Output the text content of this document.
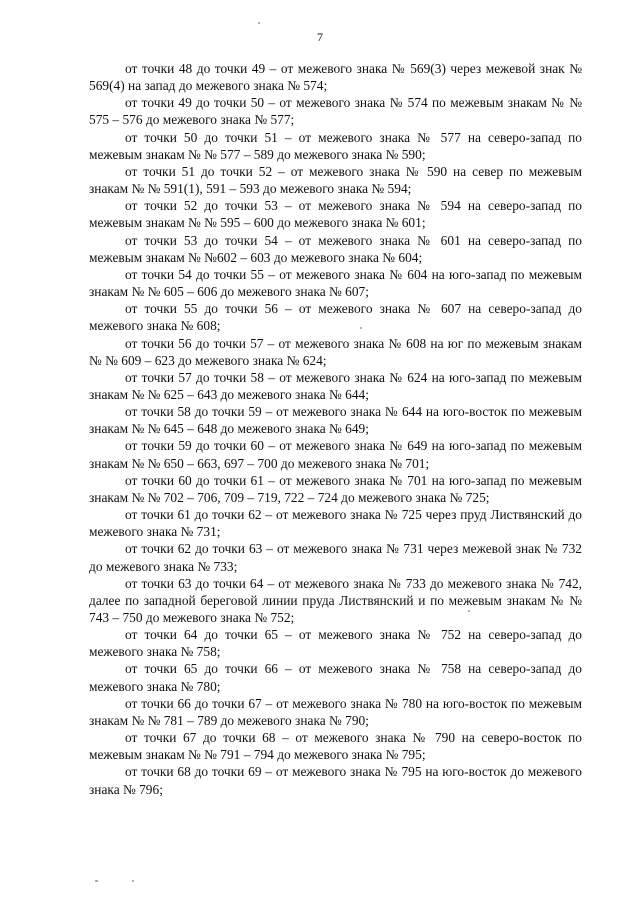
7

от точки 48 до точки 49 – от межевого знака № 569(3) через межевой знак № 569(4) на запад до межевого знака № 574;

от точки 49 до точки 50 – от межевого знака № 574 по межевым знакам № № 575 – 576 до межевого знака № 577;

от точки 50 до точки 51 – от межевого знака № 577 на северо-запад по межевым знакам № № 577 – 589 до межевого знака № 590;

от точки 51 до точки 52 – от межевого знака № 590 на север по межевым знакам № № 591(1), 591 – 593 до межевого знака № 594;

от точки 52 до точки 53 – от межевого знака № 594 на северо-запад по межевым знакам № № 595 – 600 до межевого знака № 601;

от точки 53 до точки 54 – от межевого знака № 601 на северо-запад по межевым знакам № №602 – 603 до межевого знака № 604;

от точки 54 до точки 55 – от межевого знака № 604 на юго-запад по межевым знакам № № 605 – 606 до межевого знака № 607;

от точки 55 до точки 56 – от межевого знака № 607 на северо-запад до межевого знака № 608;

от точки 56 до точки 57 – от межевого знака № 608 на юг по межевым знакам № № 609 – 623 до межевого знака № 624;

от точки 57 до точки 58 – от межевого знака № 624 на юго-запад по межевым знакам № № 625 – 643 до межевого знака № 644;

от точки 58 до точки 59 – от межевого знака № 644 на юго-восток по межевым знакам № № 645 – 648 до межевого знака № 649;

от точки 59 до точки 60 – от межевого знака № 649 на юго-запад по межевым знакам № № 650 – 663, 697 – 700 до межевого знака № 701;

от точки 60 до точки 61 – от межевого знака № 701 на юго-запад по межевым знакам № № 702 – 706, 709 – 719, 722 – 724 до межевого знака № 725;

от точки 61 до точки 62 – от межевого знака № 725 через пруд Листвянский до межевого знака № 731;

от точки 62 до точки 63 – от межевого знака № 731 через межевой знак № 732 до межевого знака № 733;

от точки 63 до точки 64 – от межевого знака № 733 до межевого знака № 742, далее по западной береговой линии пруда Листвянский и по межевым знакам № № 743 – 750 до межевого знака № 752;

от точки 64 до точки 65 – от межевого знака № 752 на северо-запад до межевого знака № 758;

от точки 65 до точки 66 – от межевого знака № 758 на северо-запад до межевого знака № 780;

от точки 66 до точки 67 – от межевого знака № 780 на юго-восток по межевым знакам № № 781 – 789 до межевого знака № 790;

от точки 67 до точки 68 – от межевого знака № 790 на северо-восток по межевым знакам № № 791 – 794 до межевого знака № 795;

от точки 68 до точки 69 – от межевого знака № 795 на юго-восток до межевого знака № 796;
